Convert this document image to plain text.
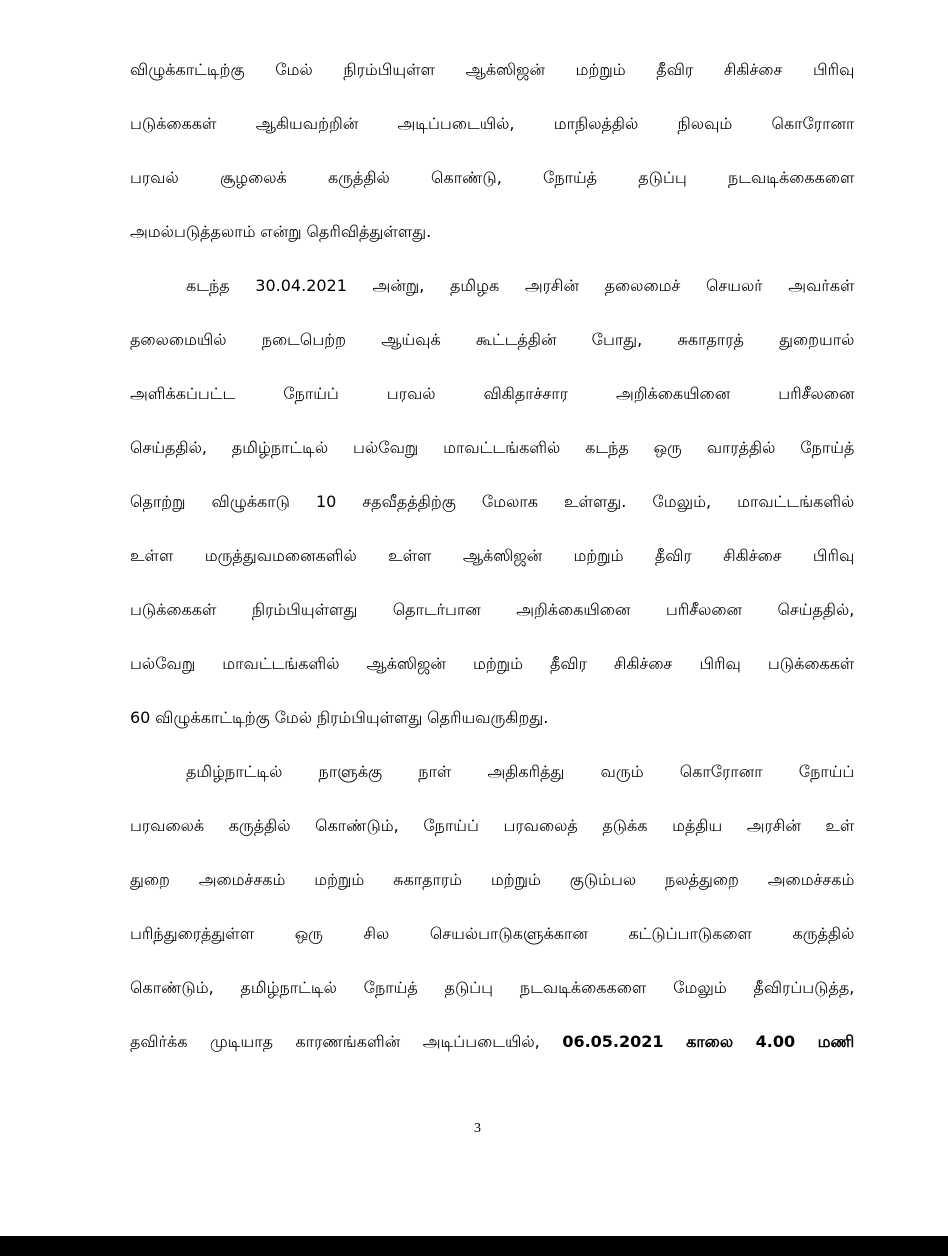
விழுக்காட்டிற்கு மேல் நிரம்பியுள்ள ஆக்ஸிஜன் மற்றும் தீவிர சிகிச்சை பிரிவு
படுக்கைகள் ஆகியவற்றின் அடிப்படையில், மாநிலத்தில் நிலவும் கொரோனா
பரவல்	சூழலைக்	கருத்தில்	கொண்டு,	நோய்த்	தடுப்பு	நடவடிக்கைகளை
அமல்படுத்தலாம் என்று தெரிவித்துள்ளது.
கடந்த 30.04.2021 அன்று, தமிழக அரசின் தலைமைச் செயலர் அவர்கள்
தலைமையில் நடைபெற்ற ஆய்வுக் கூட்டத்தின் போது, சுகாதாரத் துறையால்
அளிக்கப்பட்ட	நோய்ப்	பரவல்	விகிதாச்சார	அறிக்கையினை	பரிசீலனை
செய்ததில், தமிழ்நாட்டில் பல்வேறு மாவட்டங்களில் கடந்த ஒரு வாரத்தில் நோய்த்
தொற்று விழுக்காடு 10 சதவீதத்திற்கு மேலாக உள்ளது. மேலும், மாவட்டங்களில்
உள்ள மருத்துவமனைகளில் உள்ள ஆக்ஸிஜன் மற்றும் தீவிர சிகிச்சை பிரிவு
படுக்கைகள் நிரம்பியுள்ளது தொடர்பான அறிக்கையினை பரிசீலனை செய்ததில்,
பல்வேறு மாவட்டங்களில் ஆக்ஸிஜன் மற்றும் தீவிர சிகிச்சை பிரிவு படுக்கைகள்
60 விழுக்காட்டிற்கு மேல் நிரம்பியுள்ளது தெரியவருகிறது.
தமிழ்நாட்டில் நாளுக்கு நாள் அதிகரித்து வரும் கொரோனா நோய்ப்
பரவலைக் கருத்தில் கொண்டும், நோய்ப் பரவலைத் தடுக்க மத்திய அரசின் உள்
துறை அமைச்சகம் மற்றும் சுகாதாரம் மற்றும் குடும்பல நலத்துறை அமைச்சகம்
பரிந்துரைத்துள்ள	ஒரு	சில	செயல்பாடுகளுக்கான	கட்டுப்பாடுகளை	கருத்தில்
கொண்டும், தமிழ்நாட்டில் நோய்த் தடுப்பு நடவடிக்கைகளை மேலும் தீவிரப்படுத்த,
தவிர்க்க முடியாத காரணங்களின் அடிப்படையில், 06.05.2021 காலை 4.00 மணி
3
